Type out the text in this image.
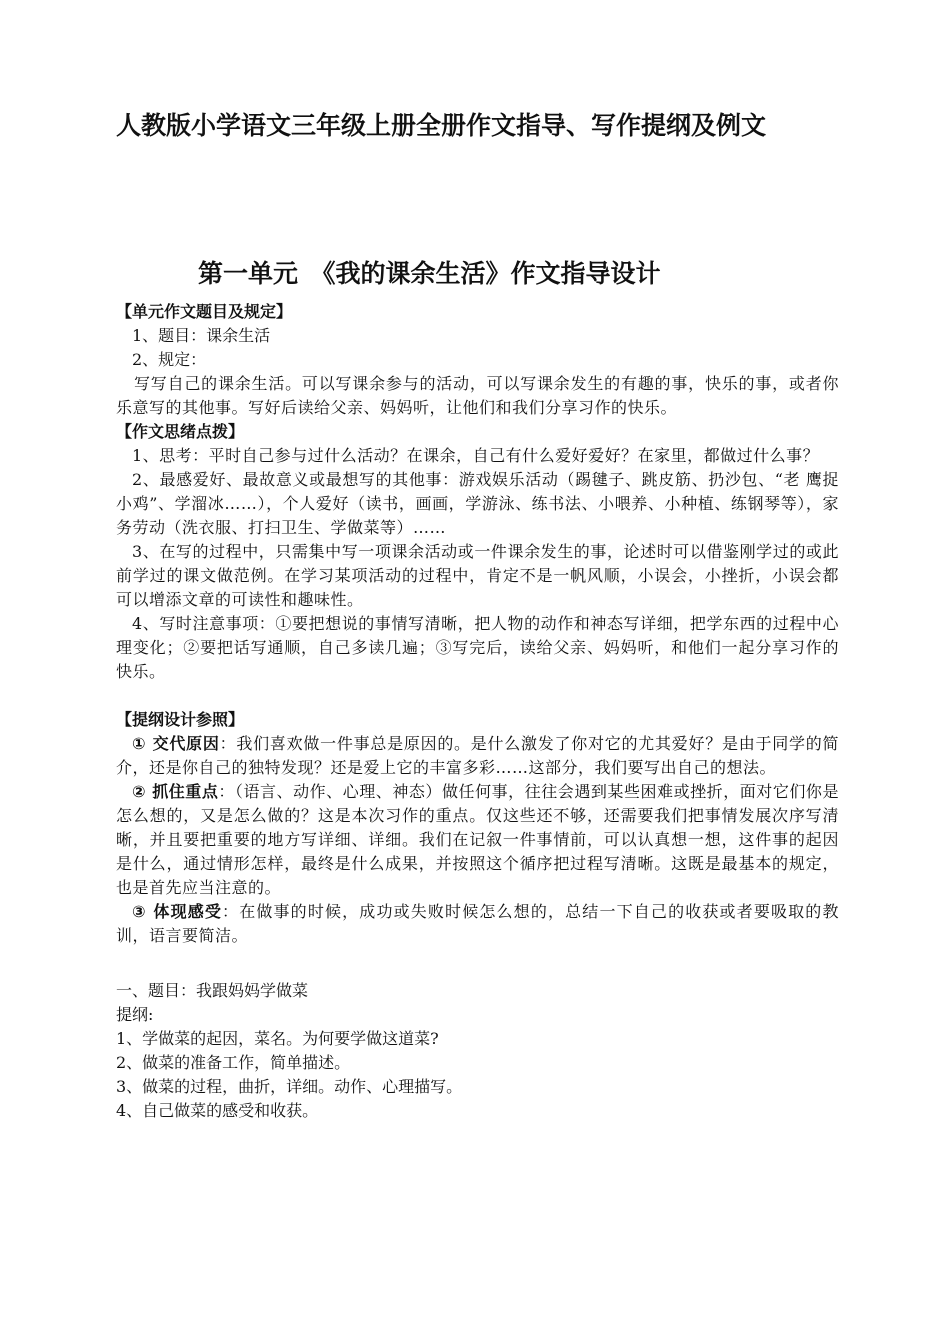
人教版小学语文三年级上册全册作文指导、写作提纲及例文
第一单元　《我的课余生活》作文指导设计
【单元作文题目及规定】
1、题目：课余生活
2、规定：
写写自己的课余生活。可以写课余参与的活动，可以写课余发生的有趣的事，快乐的事，或者你乐意写的其他事。写好后读给父亲、妈妈听，让他们和我们分享习作的快乐。
【作文思绪点拨】
1、思考：平时自己参与过什么活动？在课余，自己有什么爱好爱好？在家里，都做过什么事？
2、最感爱好、最故意义或最想写的其他事：游戏娱乐活动（踢毽子、跳皮筋、扔沙包、“老 鹰捉小鸡”、学溜冰……），个人爱好（读书，画画，学游泳、练书法、小喂养、小种植、练钢琴等），家务劳动（洗衣服、打扫卫生、学做菜等）……
3、在写的过程中，只需集中写一项课余活动或一件课余发生的事，论述时可以借鉴刚学过的或此前学过的课文做范例。在学习某项活动的过程中，肯定不是一帆风顺，小误会，小挫折，小误会都可以增添文章的可读性和趣味性。
4、写时注意事项：①要把想说的事情写清晰，把人物的动作和神态写详细，把学东西的过程中心理变化；②要把话写通顺，自己多读几遍；③写完后，读给父亲、妈妈听，和他们一起分享习作的快乐。
【提纲设计参照】
① 交代原因：我们喜欢做一件事总是原因的。是什么激发了你对它的尤其爱好？是由于同学的简介，还是你自己的独特发现？还是爱上它的丰富多彩……这部分，我们要写出自己的想法。
② 抓住重点：（语言、动作、心理、神态）做任何事，往往会遇到某些困难或挫折，面对它们你是怎么想的，又是怎么做的？这是本次习作的重点。仅这些还不够，还需要我们把事情发展次序写清晰，并且要把重要的地方写详细、详细。我们在记叙一件事情前，可以认真想一想，这件事的起因是什么，通过情形怎样，最终是什么成果，并按照这个循序把过程写清晰。这既是最基本的规定，也是首先应当注意的。
③ 体现感受：在做事的时候，成功或失败时候怎么想的，总结一下自己的收获或者要吸取的教训，语言要简洁。
一、题目：我跟妈妈学做菜
提纲:
1、学做菜的起因，菜名。为何要学做这道菜?
2、做菜的准备工作，简单描述。
3、做菜的过程，曲折，详细。动作、心理描写。
4、自己做菜的感受和收获。
